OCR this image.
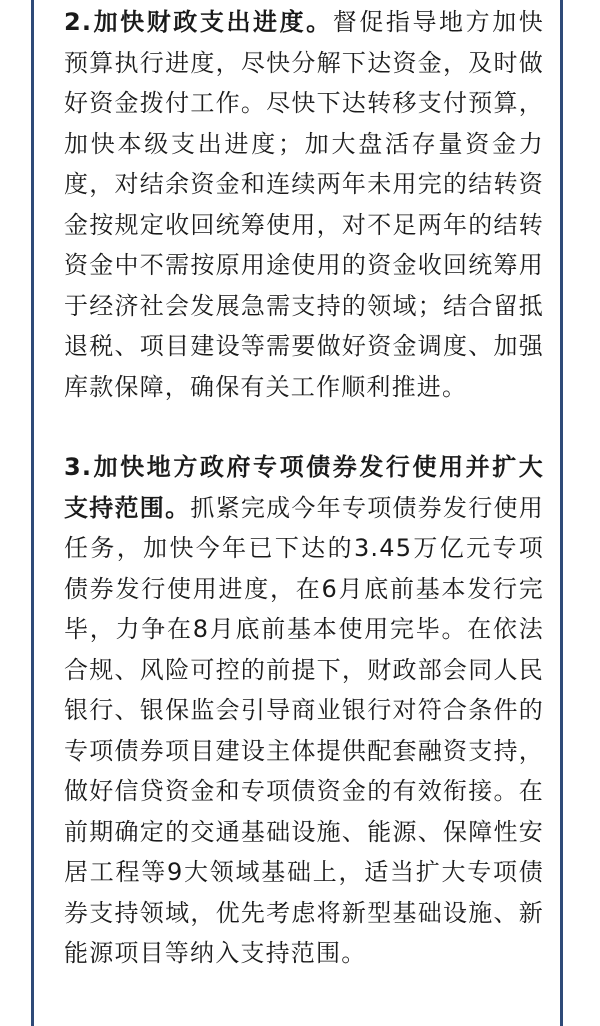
2.加快财政支出进度。督促指导地方加快预算执行进度，尽快分解下达资金，及时做好资金拨付工作。尽快下达转移支付预算，加快本级支出进度；加大盘活存量资金力度，对结余资金和连续两年未用完的结转资金按规定收回统筹使用，对不足两年的结转资金中不需按原用途使用的资金收回统筹用于经济社会发展急需支持的领域；结合留抵退税、项目建设等需要做好资金调度、加强库款保障，确保有关工作顺利推进。

3.加快地方政府专项债券发行使用并扩大支持范围。抓紧完成今年专项债券发行使用任务，加快今年已下达的3.45万亿元专项债券发行使用进度，在6月底前基本发行完毕，力争在8月底前基本使用完毕。在依法合规、风险可控的前提下，财政部会同人民银行、银保监会引导商业银行对符合条件的专项债券项目建设主体提供配套融资支持，做好信贷资金和专项债资金的有效衔接。在前期确定的交通基础设施、能源、保障性安居工程等9大领域基础上，适当扩大专项债券支持领域，优先考虑将新型基础设施、新能源项目等纳入支持范围。
